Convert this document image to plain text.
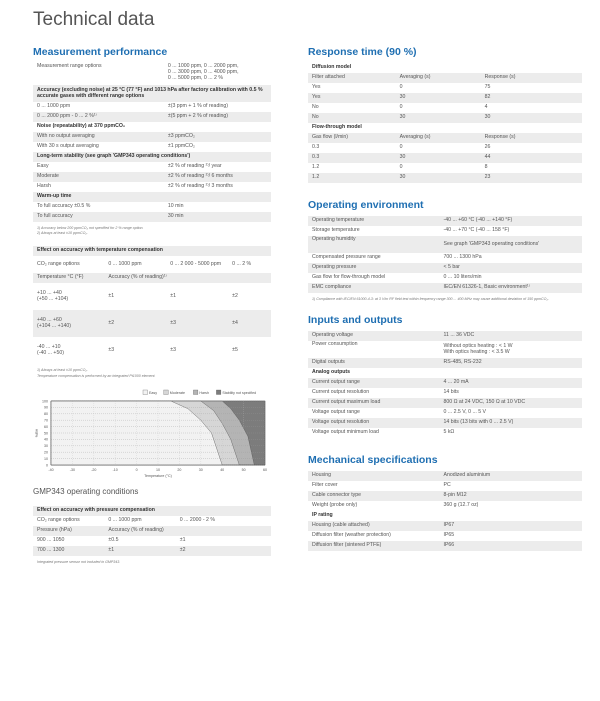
Technical data
Measurement performance
Measurement range options	0 ... 1000 ppm, 0 ... 2000 ppm,
0 ... 3000 ppm, 0 ... 4000 ppm,
0 ... 5000 ppm, 0 ... 2 %

Accuracy (excluding noise) at 25 °C (77 °F) and 1013 hPa after factory calibration with 0.5 % accurate gases with different range options	
0 ... 1000 ppm	±(3 ppm + 1 % of reading)
0 ... 2000 ppm - 0 ... 2 %¹⁾	±(5 ppm + 2 % of reading)
Noise (repeatability) at 370 ppmCO₂	
With no output averaging	±3 ppmCO₂
With 30 s output averaging	±1 ppmCO₂
Long-term stability (see graph 'GMP343 operating conditions')	
Easy	±2 % of reading ²⁾/ year
Moderate	±2 % of reading ²⁾/ 6 months
Harsh	±2 % of reading ²⁾/ 3 months
Warm-up time	
To full accuracy ±0.5 %	10 min
To full accuracy	30 min
1) Accuracy below 200 ppmCO₂ not specified for 2 % range option.
2) Always at least ±10 ppmCO₂.
Effect on accuracy with temperature compensation			
CO₂ range options	0 ... 1000 ppm	0 ... 2 000 - 5000 ppm	0 ... 2 %
Temperature °C (°F)	Accuracy (% of reading)¹⁾		

+10 ... +40
(+50 ... +104)	±1	±1	±2

+40 ... +60
(+104 ... +140)	±2	±3	±4

-40 ... +10
(-40 ... +50)	±3	±3	±5
1) Always at least ±10 ppmCO₂.
Temperature compensation is performed by an integrated Pt1000 element.
0
10
20
30
40
50
60
70
80
90
100
-40	-30	-20	-10	0	10	20	30	40	50	60
Temperature (°C)
%RH
Easy	Moderate	Harsh	Stability not specified
GMP343 operating conditions
Effect on accuracy with pressure compensation		
CO₂ range options	0 ... 1000 ppm	0 ... 2000 - 2 %
Pressure (hPa)	Accuracy (% of reading)	
900 ... 1050	±0.5	±1
700 ... 1300	±1	±2
Integrated pressure sensor not included in GMP343.
Response time (90 %)
Diffusion model		
Filter attached	Averaging (s)	Response (s)
Yes	0	75
Yes	30	82
No	0	4
No	30	30
Flow-through model		
Gas flow (l/min)	Averaging (s)	Response (s)
0.3	0	26
0.3	30	44
1.2	0	8
1.2	30	23
Operating environment
Operating temperature	-40 ... +60 °C (-40 ... +140 °F)
Storage temperature	-40 ... +70 °C (-40 ... 158 °F)
Operating humidity	See graph 'GMP343 operating conditions'
Compensated pressure range	700 ... 1300 hPa
Operating pressure	< 5 bar
Gas flow for flow-through model	0 ... 10 liters/min
EMC compliance	IEC/EN 61326-1, Basic environment¹⁾
1) Compliance with IEC/EN 61000-4-3: at 3 V/m RF field test within frequency range 300 ... 400 MHz may cause additional deviation of 150 ppmCO₂.
Inputs and outputs
Operating voltage	11 ... 36 VDC
Power consumption	Without optics heating : < 1 W
With optics heating : < 3.5 W

Digital outputs	RS-485, RS-232
Analog outputs	
Current output range	4 ... 20 mA
Current output resolution	14 bits
Current output maximum load	800 Ω at 24 VDC, 150 Ω at 10 VDC
Voltage output range	0 ... 2.5 V, 0 ... 5 V
Voltage output resolution	14 bits (13 bits with 0 ... 2.5 V)
Voltage output minimum load	5 kΩ
Mechanical specifications
Housing	Anodized aluminium
Filter cover	PC
Cable connector type	8-pin M12
Weight (probe only)	360 g (12.7 oz)
IP rating	
Housing (cable attached)	IP67
Diffusion filter (weather protection)	IP65
Diffusion filter (sintered PTFE)	IP66
